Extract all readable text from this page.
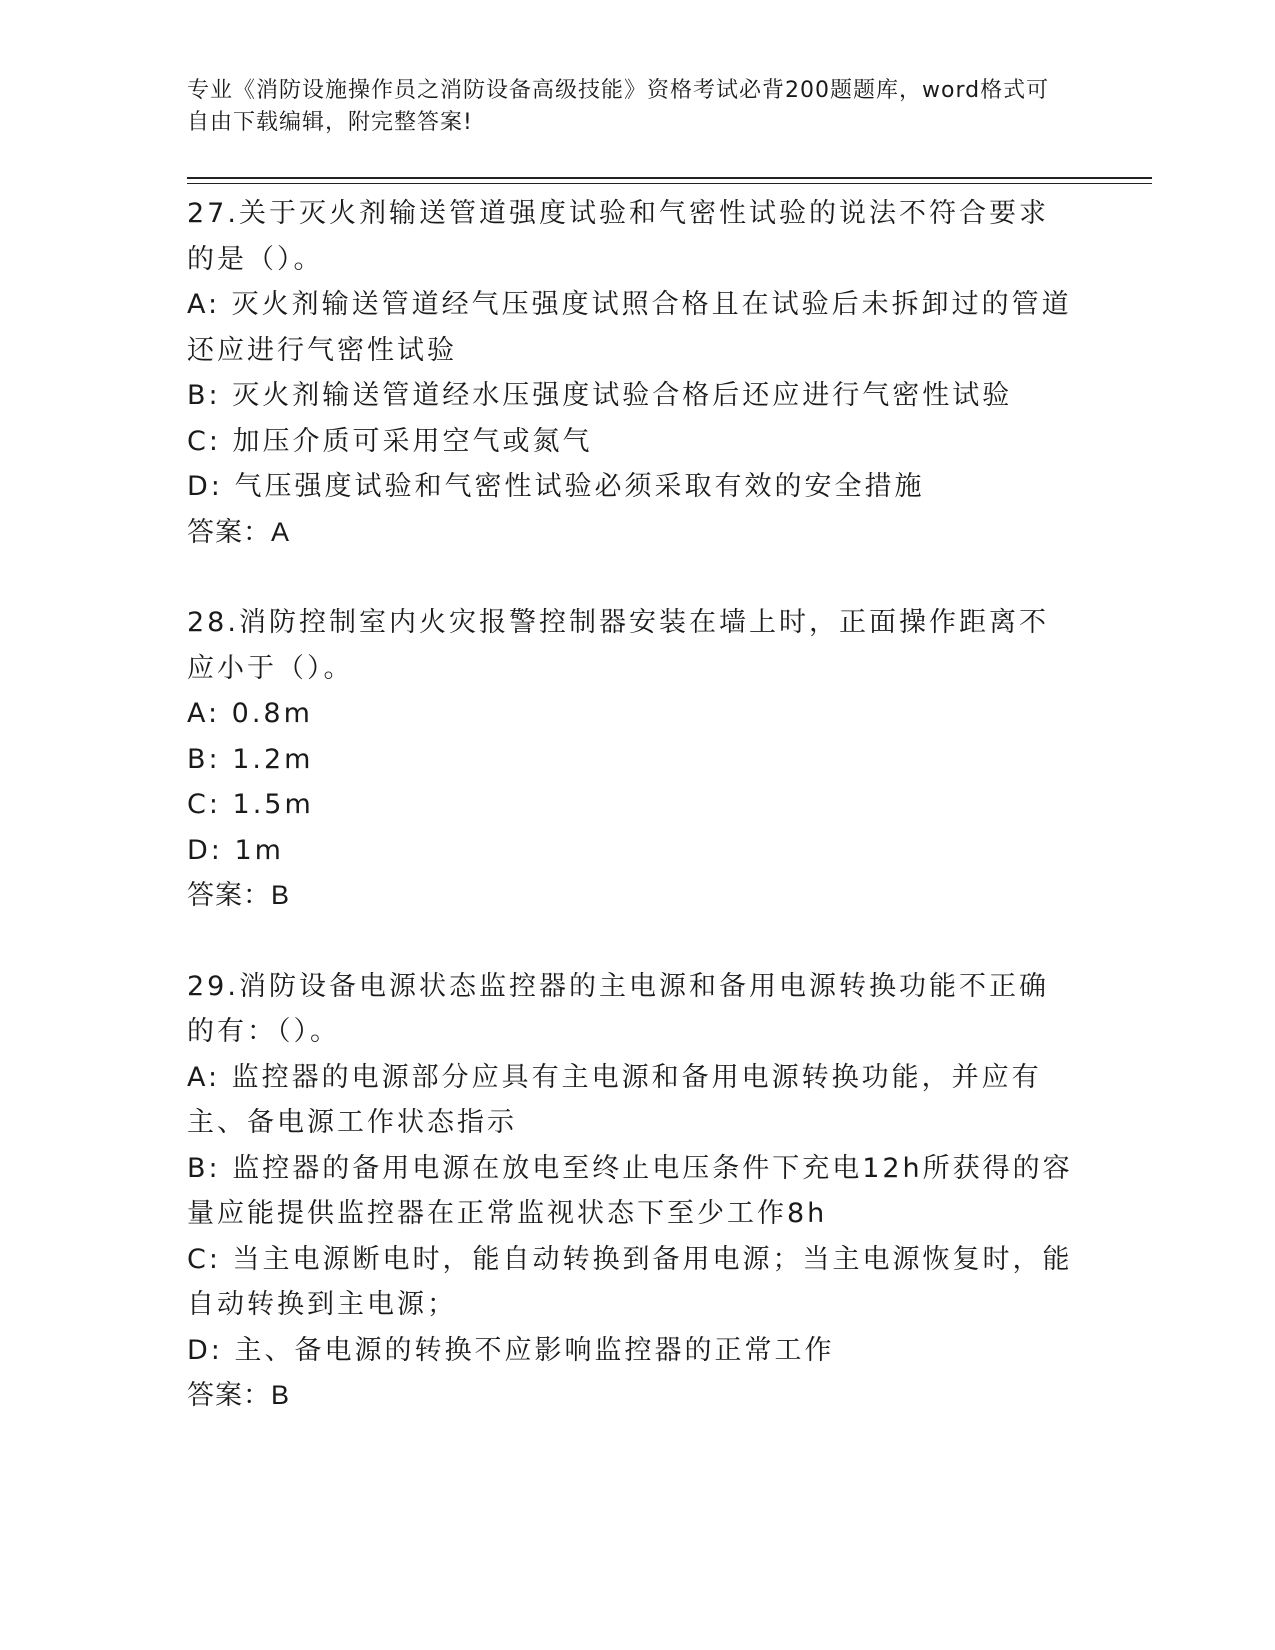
专业《消防设施操作员之消防设备高级技能》资格考试必背200题题库，word格式可自由下载编辑，附完整答案!

27.关于灭火剂输送管道强度试验和气密性试验的说法不符合要求的是（）。

A: 灭火剂输送管道经气压强度试照合格且在试验后未拆卸过的管道还应进行气密性试验

B: 灭火剂输送管道经水压强度试验合格后还应进行气密性试验

C: 加压介质可采用空气或氮气

D: 气压强度试验和气密性试验必须采取有效的安全措施

答案：A

28.消防控制室内火灾报警控制器安装在墙上时，正面操作距离不应小于（）。

A: 0.8m

B: 1.2m

C: 1.5m

D: 1m

答案：B

29.消防设备电源状态监控器的主电源和备用电源转换功能不正确的有：（）。

A: 监控器的电源部分应具有主电源和备用电源转换功能，并应有主、备电源工作状态指示

B: 监控器的备用电源在放电至终止电压条件下充电12h所获得的容量应能提供监控器在正常监视状态下至少工作8h

C: 当主电源断电时，能自动转换到备用电源；当主电源恢复时，能自动转换到主电源；

D: 主、备电源的转换不应影响监控器的正常工作

答案：B
